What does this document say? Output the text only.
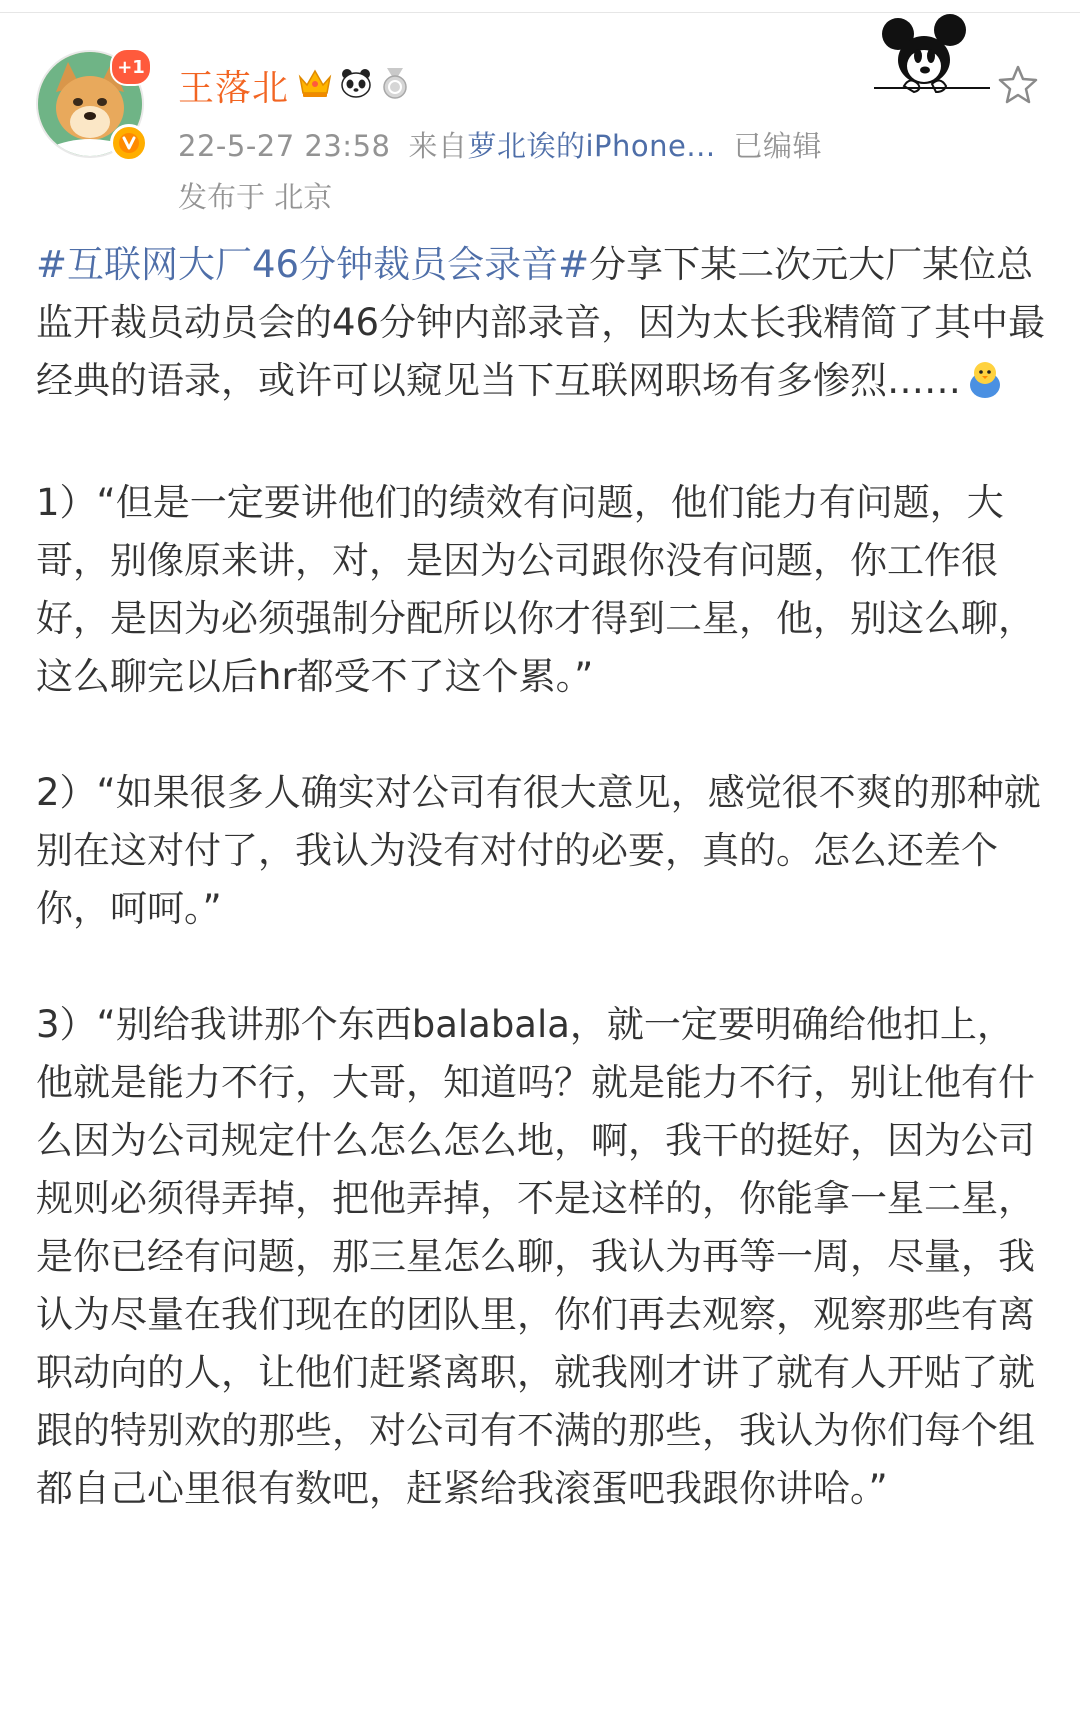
+1
王落北
22-5-27 23:58 来自萝北诶的iPhone... 已编辑
发布于 北京

#互联网大厂46分钟裁员会录音#分享下某二次元大厂某位总监开裁员动员会的46分钟内部录音，因为太长我精简了其中最经典的语录，或许可以窥见当下互联网职场有多惨烈……

1）“但是一定要讲他们的绩效有问题，他们能力有问题，大哥，别像原来讲，对，是因为公司跟你没有问题，你工作很好，是因为必须强制分配所以你才得到二星，他，别这么聊，这么聊完以后hr都受不了这个累。”

2）“如果很多人确实对公司有很大意见，感觉很不爽的那种就别在这对付了，我认为没有对付的必要，真的。怎么还差个你，呵呵。”

3）“别给我讲那个东西balabala，就一定要明确给他扣上，他就是能力不行，大哥，知道吗？就是能力不行，别让他有什么因为公司规定什么怎么怎么地，啊，我干的挺好，因为公司规则必须得弄掉，把他弄掉，不是这样的，你能拿一星二星，是你已经有问题，那三星怎么聊，我认为再等一周，尽量，我认为尽量在我们现在的团队里，你们再去观察，观察那些有离职动向的人，让他们赶紧离职，就我刚才讲了就有人开贴了就跟的特别欢的那些，对公司有不满的那些，我认为你们每个组都自己心里很有数吧，赶紧给我滚蛋吧我跟你讲哈。”
